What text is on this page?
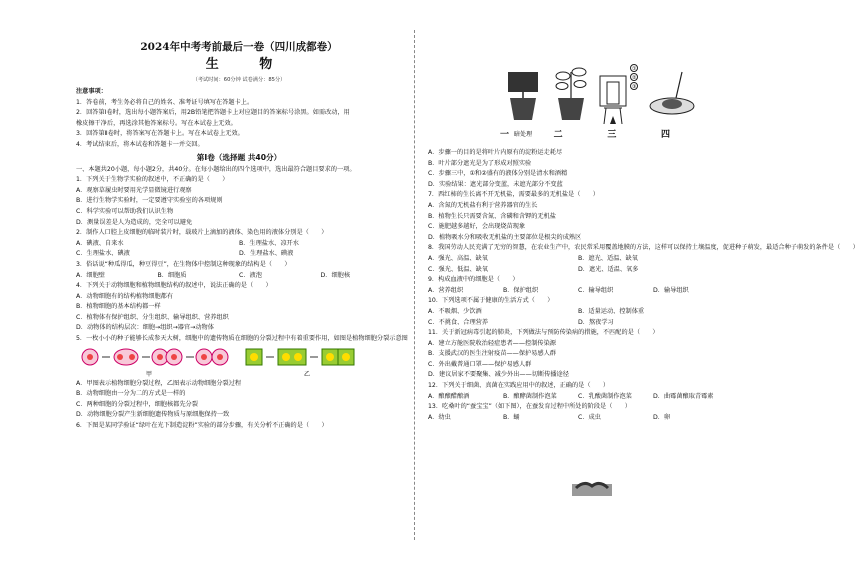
2024年中考考前最后一卷（四川成都卷）
生 物
（考试时间：60分钟 试卷满分：85分）
注意事项：
1．答卷前，考生务必将自己的姓名、准考证号填写在答题卡上。
2．回答第Ⅰ卷时，选出每小题答案后，用2B铅笔把答题卡上对应题目的答案标号涂黑。如需改动，用
橡皮擦干净后，再选涂其他答案标号。写在本试卷上无效。
3．回答第Ⅱ卷时，将答案写在答题卡上。写在本试卷上无效。
4．考试结束后，将本试卷和答题卡一并交回。
第Ⅰ卷（选择题 共40分）
一、本题共20小题，每小题2分，共40分。在每小题给出的四个选项中，选出最符合题目要求的一项。
1．下列关于生物学实验的叙述中，不正确的是（　　）
A．观察草履虫时要用光学显微镜进行观察
B．进行生物学实验时，一定要遵守实验室的各项规则
C．科学实验可以帮助我们认识生物
D．测量误差是人为造成的，完全可以避免
2．制作人口腔上皮细胞的临时装片时，载玻片上滴加的液体、染色用的液体分别是（　　）
A．碘液、自来水	B．生理盐水、凉开水
C．生理盐水、碘液	D．生理盐水、碘液
3．俗话说“种瓜得瓜，种豆得豆”，在生物体中控制这种现象的结构是（　　）
A．细胞壁	B．细胞质	C．液泡	D．细胞核
4．下列关于动物细胞和植物细胞结构的叙述中，说法正确的是（　　）
A．动物细胞有的结构植物细胞都有
B．植物细胞的基本结构都一样
C．植物体有保护组织、分生组织、输导组织、营养组织
D．动物体的结构层次：细胞→组织→器官→动物体
5．一枚小小的种子能够长成参天大树，细胞中的遗传物质在细胞的分裂过程中有着重要作用，如图是植物细胞分裂示意图
甲	乙
A．甲图表示植物细胞分裂过程，乙图表示动物细胞分裂过程
B．动物细胞由一分为二的方式是一样的
C．两种细胞的分裂过程中，细胞核都先分裂
D．动物细胞分裂产生新细胞遗传物质与原细胞保持一致
6．下图是某同学验证“绿叶在光下制造淀粉”实验的部分步骤，有关分析不正确的是（　　）
①
②
③
暗处理
一	二	三	四
A．步骤一的目的是将叶片内原有的淀粉运走耗尽
B．叶片部分遮光是为了形成对照实验
C．步骤三中，①和②盛有的液体分别是清水和酒精
D．实验结果：遮光部分变蓝，未遮光部分不变蓝
7．西红柿的生长离不开无机盐，需要最多的无机盐是（　　）
A．含氮的无机盐有利于营养器官的生长
B．植物生长只需要含氮、含磷和含钾的无机盐
C．施肥越多越好，会出现烧苗现象
D．植物吸水分和吸收无机盐的主要部位是根尖的成熟区
8．我国劳动人民充满了无穷的智慧，在农业生产中，农民常采用覆盖地膜的方法，这样可以保持土壤温度，促进种子萌发，最适合种子萌发的条件是（　　）
A．强光、高温、缺氧	B．遮光、适温、缺氧
C．强光、低温、缺氧	D．遮光、适温、氧多
9．构成血液中的细胞是（　　）
A．营养组织	B．保护组织	C．输导组织	D．输导组织
10．下列选项不属于健康的生活方式（　　）
A．不吸烟、少饮酒	B．适量运动、控制体重
C．不挑食、合理营养	D．熬夜学习
11．关于新冠病毒引起的肺炎，下列做法与预防传染病的措施，不匹配的是（　　）
A．建立方舱医院收治轻症患者——控制传染源
B．支援武汉的医生注射疫苗——保护易感人群
C．外出戴普通口罩——保护易感人群
D．建议居家不要聚集、减少外出——切断传播途径
12．下列关于细菌、真菌在实践应用中的叙述，正确的是（　　）
A．酿酿醋酿酒	B．酿酵菌制作泡菜	C．乳酸菌制作泡菜	D．曲霉菌酿取青霉素
13．吃桑叶的“蚕宝宝”（如下图），在蚕发育过程中所处的阶段是（　　）
A．幼虫	B．蛹	C．成虫	D．卵
